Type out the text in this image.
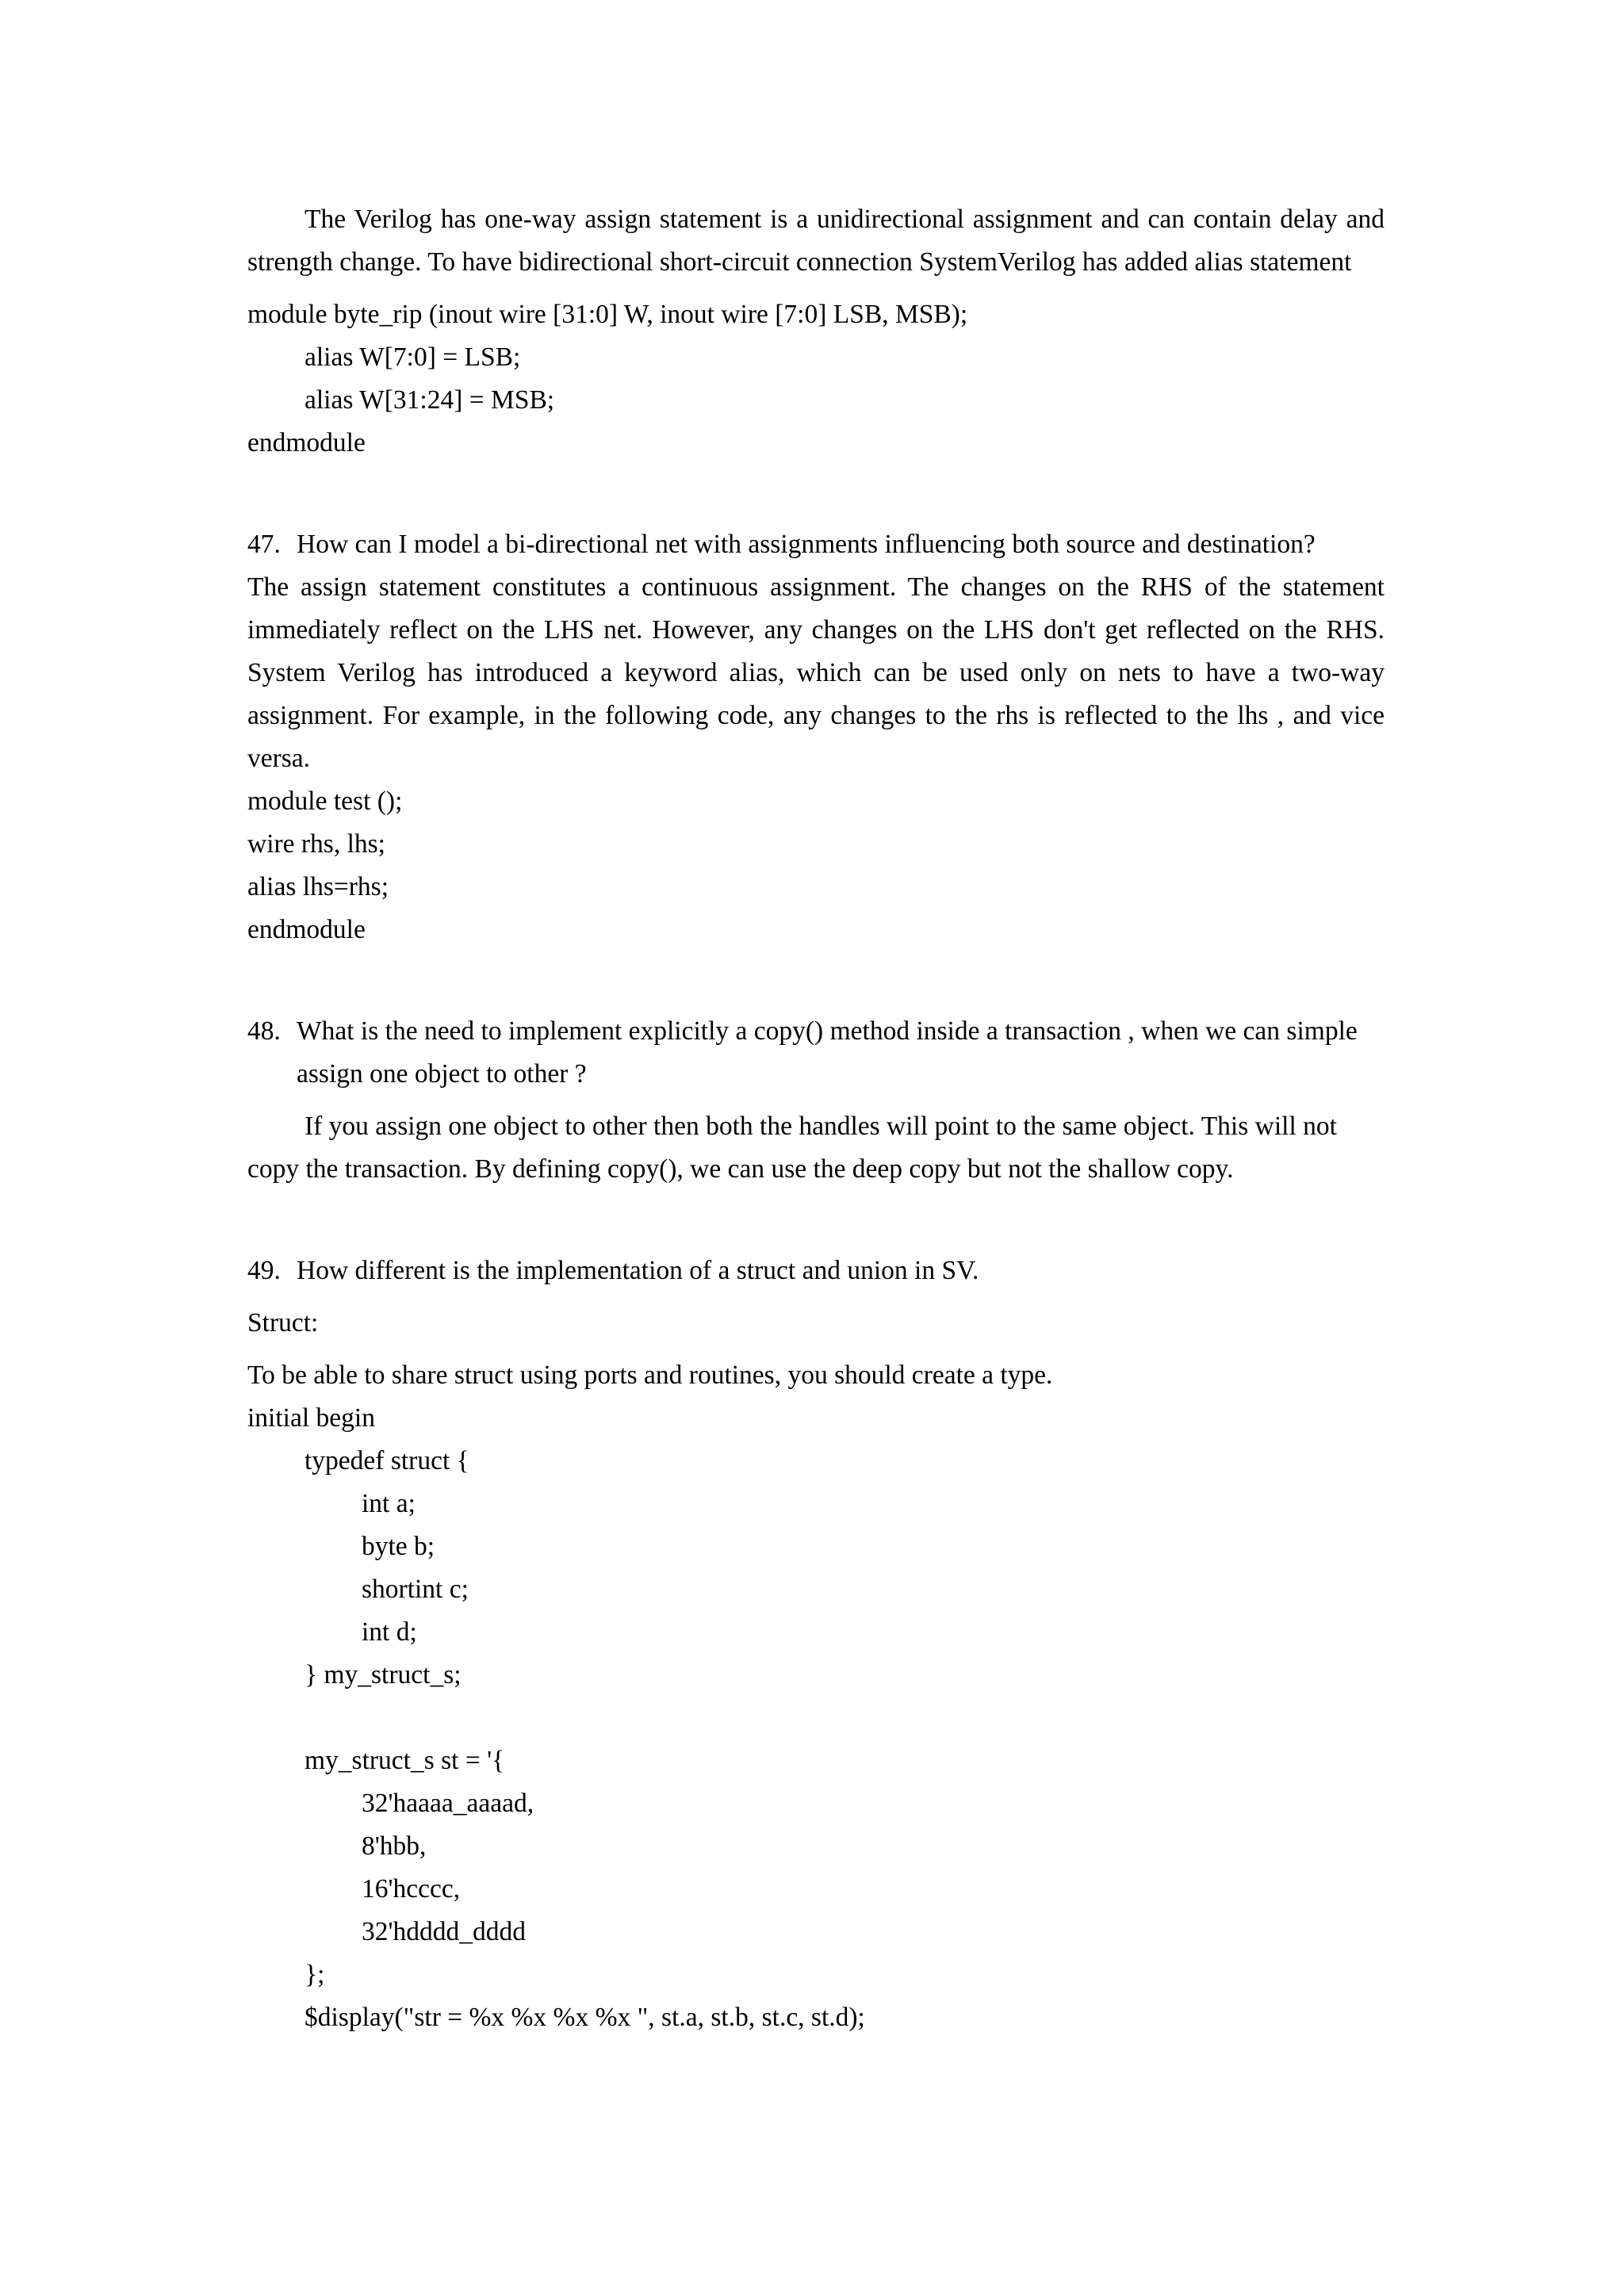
The Verilog has one-way assign statement is a unidirectional assignment and can contain delay and strength change. To have bidirectional short-circuit connection SystemVerilog has added alias statement

module byte_rip (inout wire [31:0] W, inout wire [7:0] LSB, MSB);
alias W[7:0] = LSB;
alias W[31:24] = MSB;
endmodule
47. How can I model a bi-directional net with assignments influencing both source and destination?

The assign statement constitutes a continuous assignment. The changes on the RHS of the statement immediately reflect on the LHS net. However, any changes on the LHS don't get reflected on the RHS. System Verilog has introduced a keyword alias, which can be used only on nets to have a two-way assignment. For example, in the following code, any changes to the rhs is reflected to the lhs , and vice versa.

module test ();
wire rhs, lhs;
alias lhs=rhs;
endmodule
48. What is the need to implement explicitly a copy() method inside a transaction , when we can simple assign one object to other ?

If you assign one object to other then both the handles will point to the same object. This will not copy the transaction. By defining copy(), we can use the deep copy but not the shallow copy.

49. How different is the implementation of a struct and union in SV.

Struct:

To be able to share struct using ports and routines, you should create a type.

initial begin
typedef struct {
int a;
byte b;
shortint c;
int d;
} my_struct_s;
my_struct_s st = '{
32'haaaa_aaaad,
8'hbb,
16'hcccc,
32'hdddd_dddd
};
$display("str = %x %x %x %x ", st.a, st.b, st.c, st.d);
